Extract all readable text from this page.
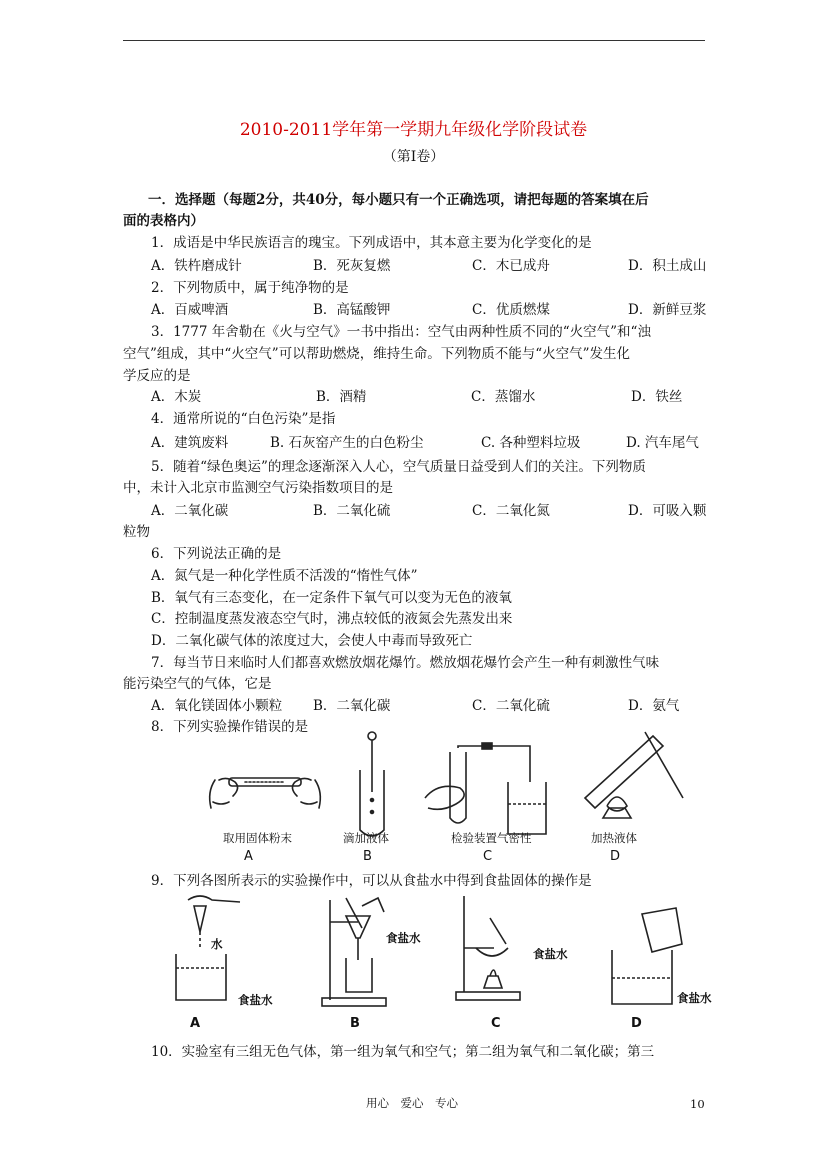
2010-2011学年第一学期九年级化学阶段试卷
（第Ⅰ卷）
一．选择题（每题2分，共40分，每小题只有一个正确选项，请把每题的答案填在后
面的表格内）
1．成语是中华民族语言的瑰宝。下列成语中，其本意主要为化学变化的是
A．铁杵磨成针	B．死灰复燃	C．木已成舟	D．积土成山
2．下列物质中，属于纯净物的是
A．百威啤酒	B．高锰酸钾	C．优质燃煤	D．新鲜豆浆
3．1777 年舍勒在《火与空气》一书中指出：空气由两种性质不同的“火空气”和“浊
空气”组成，其中“火空气”可以帮助燃烧，维持生命。下列物质不能与“火空气”发生化
学反应的是
A．木炭	B．酒精	C．蒸馏水	D．铁丝
4．通常所说的“白色污染”是指
A．建筑废料	B. 石灰窑产生的白色粉尘	C. 各种塑料垃圾	D. 汽车尾气
5．随着“绿色奥运”的理念逐渐深入人心，空气质量日益受到人们的关注。下列物质
中，未计入北京市监测空气污染指数项目的是
A．二氧化碳	B．二氧化硫	C．二氧化氮	D．可吸入颗
粒物
6．下列说法正确的是
A．氮气是一种化学性质不活泼的“惰性气体”
B．氧气有三态变化，在一定条件下氧气可以变为无色的液氧
C．控制温度蒸发液态空气时，沸点较低的液氮会先蒸发出来
D．二氧化碳气体的浓度过大，会使人中毒而导致死亡
7．每当节日来临时人们都喜欢燃放烟花爆竹。燃放烟花爆竹会产生一种有刺激性气味
能污染空气的气体，它是
A．氧化镁固体小颗粒 B．二氧化碳	C．二氧化硫	D．氨气
8．下列实验操作错误的是
取用固体粉末	滴加液体	检验装置气密性	加热液体
A	B	C	D
9．下列各图所表示的实验操作中，可以从食盐水中得到食盐固体的操作是
水
食盐水
食盐水
食盐水
食盐水
A	B	C	D
10．实验室有三组无色气体，第一组为氧气和空气；第二组为氧气和二氧化碳；第三
用心　爱心　专心	10
